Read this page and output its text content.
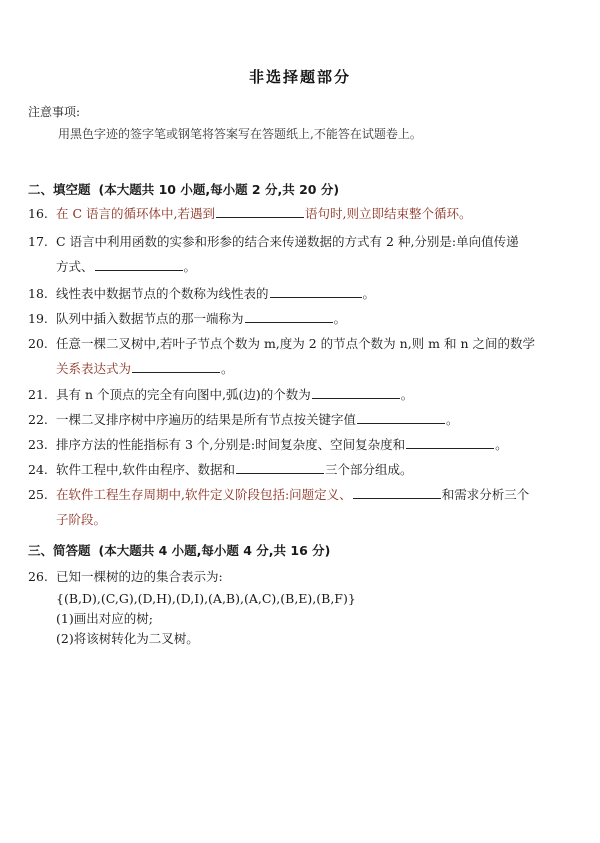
非选择题部分
注意事项:
用黑色字迹的签字笔或钢笔将答案写在答题纸上,不能答在试题卷上。
二、填空题 (本大题共 10 小题,每小题 2 分,共 20 分)
16. 在 C 语言的循环体中,若遇到	语句时,则立即结束整个循环。
17. C 语言中利用函数的实参和形参的结合来传递数据的方式有 2 种,分别是:单向值传递
方式、	。
18. 线性表中数据节点的个数称为线性表的	。
19. 队列中插入数据节点的那一端称为	。
20. 任意一棵二叉树中,若叶子节点个数为 m,度为 2 的节点个数为 n,则 m 和 n 之间的数学
关系表达式为	。
21. 具有 n 个顶点的完全有向图中,弧(边)的个数为	。
22. 一棵二叉排序树中序遍历的结果是所有节点按关键字值	。
23. 排序方法的性能指标有 3 个,分别是:时间复杂度、空间复杂度和	。
24. 软件工程中,软件由程序、数据和	三个部分组成。
25. 在软件工程生存周期中,软件定义阶段包括:问题定义、	和需求分析三个
子阶段。
三、简答题 (本大题共 4 小题,每小题 4 分,共 16 分)
26. 已知一棵树的边的集合表示为:
{(B,D),(C,G),(D,H),(D,I),(A,B),(A,C),(B,E),(B,F)}
(1)画出对应的树;
(2)将该树转化为二叉树。
